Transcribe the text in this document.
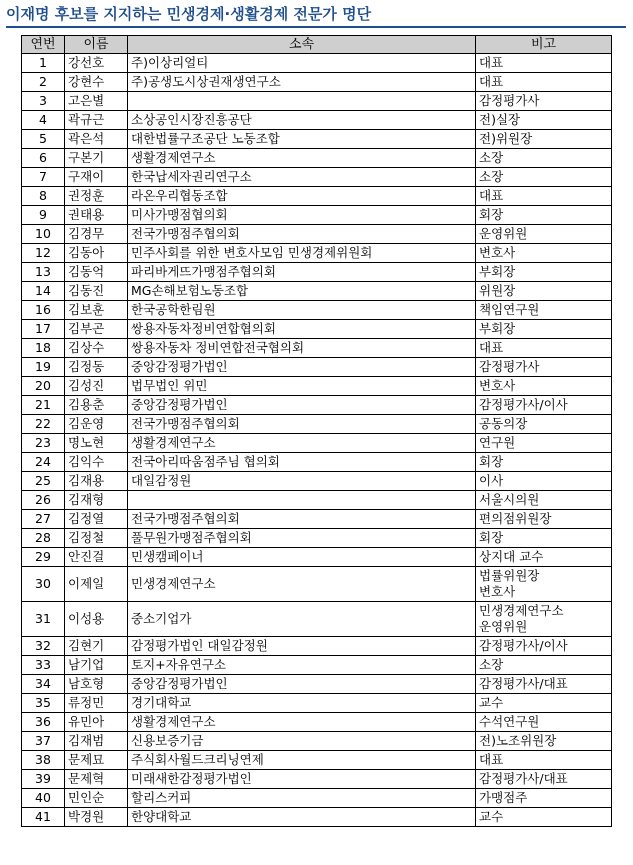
이재명 후보를 지지하는 민생경제·생활경제 전문가 명단
연번	이름	소속	비고
1	강선호	주)이상리얼티	대표

2	강현수	주)공생도시상권재생연구소	대표

3	고은별		감정평가사

4	곽규근	소상공인시장진흥공단	전)실장

5	곽은석	대한법률구조공단 노동조합	전)위원장

6	구본기	생활경제연구소	소장

7	구재이	한국납세자권리연구소	소장

8	권정훈	라온우리협동조합	대표

9	권태용	미사가맹점협의회	회장

10	김경무	전국가맹점주협의회	운영위원

12	김동아	민주사회를 위한 변호사모임 민생경제위원회	변호사

13	김동억	파리바게뜨가맹점주협의회	부회장

14	김동진	MG손해보험노동조합	위원장

16	김보훈	한국공학한림원	책임연구원

17	김부곤	쌍용자동차정비연합협의회	부회장

18	김상수	쌍용자동차 정비연합전국협의회	대표

19	김정동	중앙감정평가법인	감정평가사

20	김성진	법무법인 위민	변호사

21	김용춘	중앙감정평가법인	감정평가사/이사

22	김운영	전국가맹점주협의회	공동의장

23	명노현	생활경제연구소	연구원

24	김익수	전국아리따움점주님 협의회	회장

25	김재용	대일감정원	이사

26	김재형		서울시의원

27	김정열	전국가맹점주협의회	편의점위원장

28	김정철	풀무원가맹점주협의회	회장

29	안진걸	민생캠페이너	상지대 교수

30	이제일	민생경제연구소	법률위원장
변호사

31	이성용	중소기업가	민생경제연구소
운영위원

32	김현기	감정평가법인 대일감정원	감정평가사/이사

33	남기업	토지+자유연구소	소장

34	남호형	중앙감정평가법인	감정평가사/대표

35	류정민	경기대학교	교수

36	유민아	생활경제연구소	수석연구원

37	김재범	신용보증기금	전)노조위원장

38	문제묘	주식회사월드크리닝연제	대표

39	문제혁	미래새한감정평가법인	감정평가사/대표

40	민인순	할리스커피	가맹점주

41	박경원	한양대학교	교수
